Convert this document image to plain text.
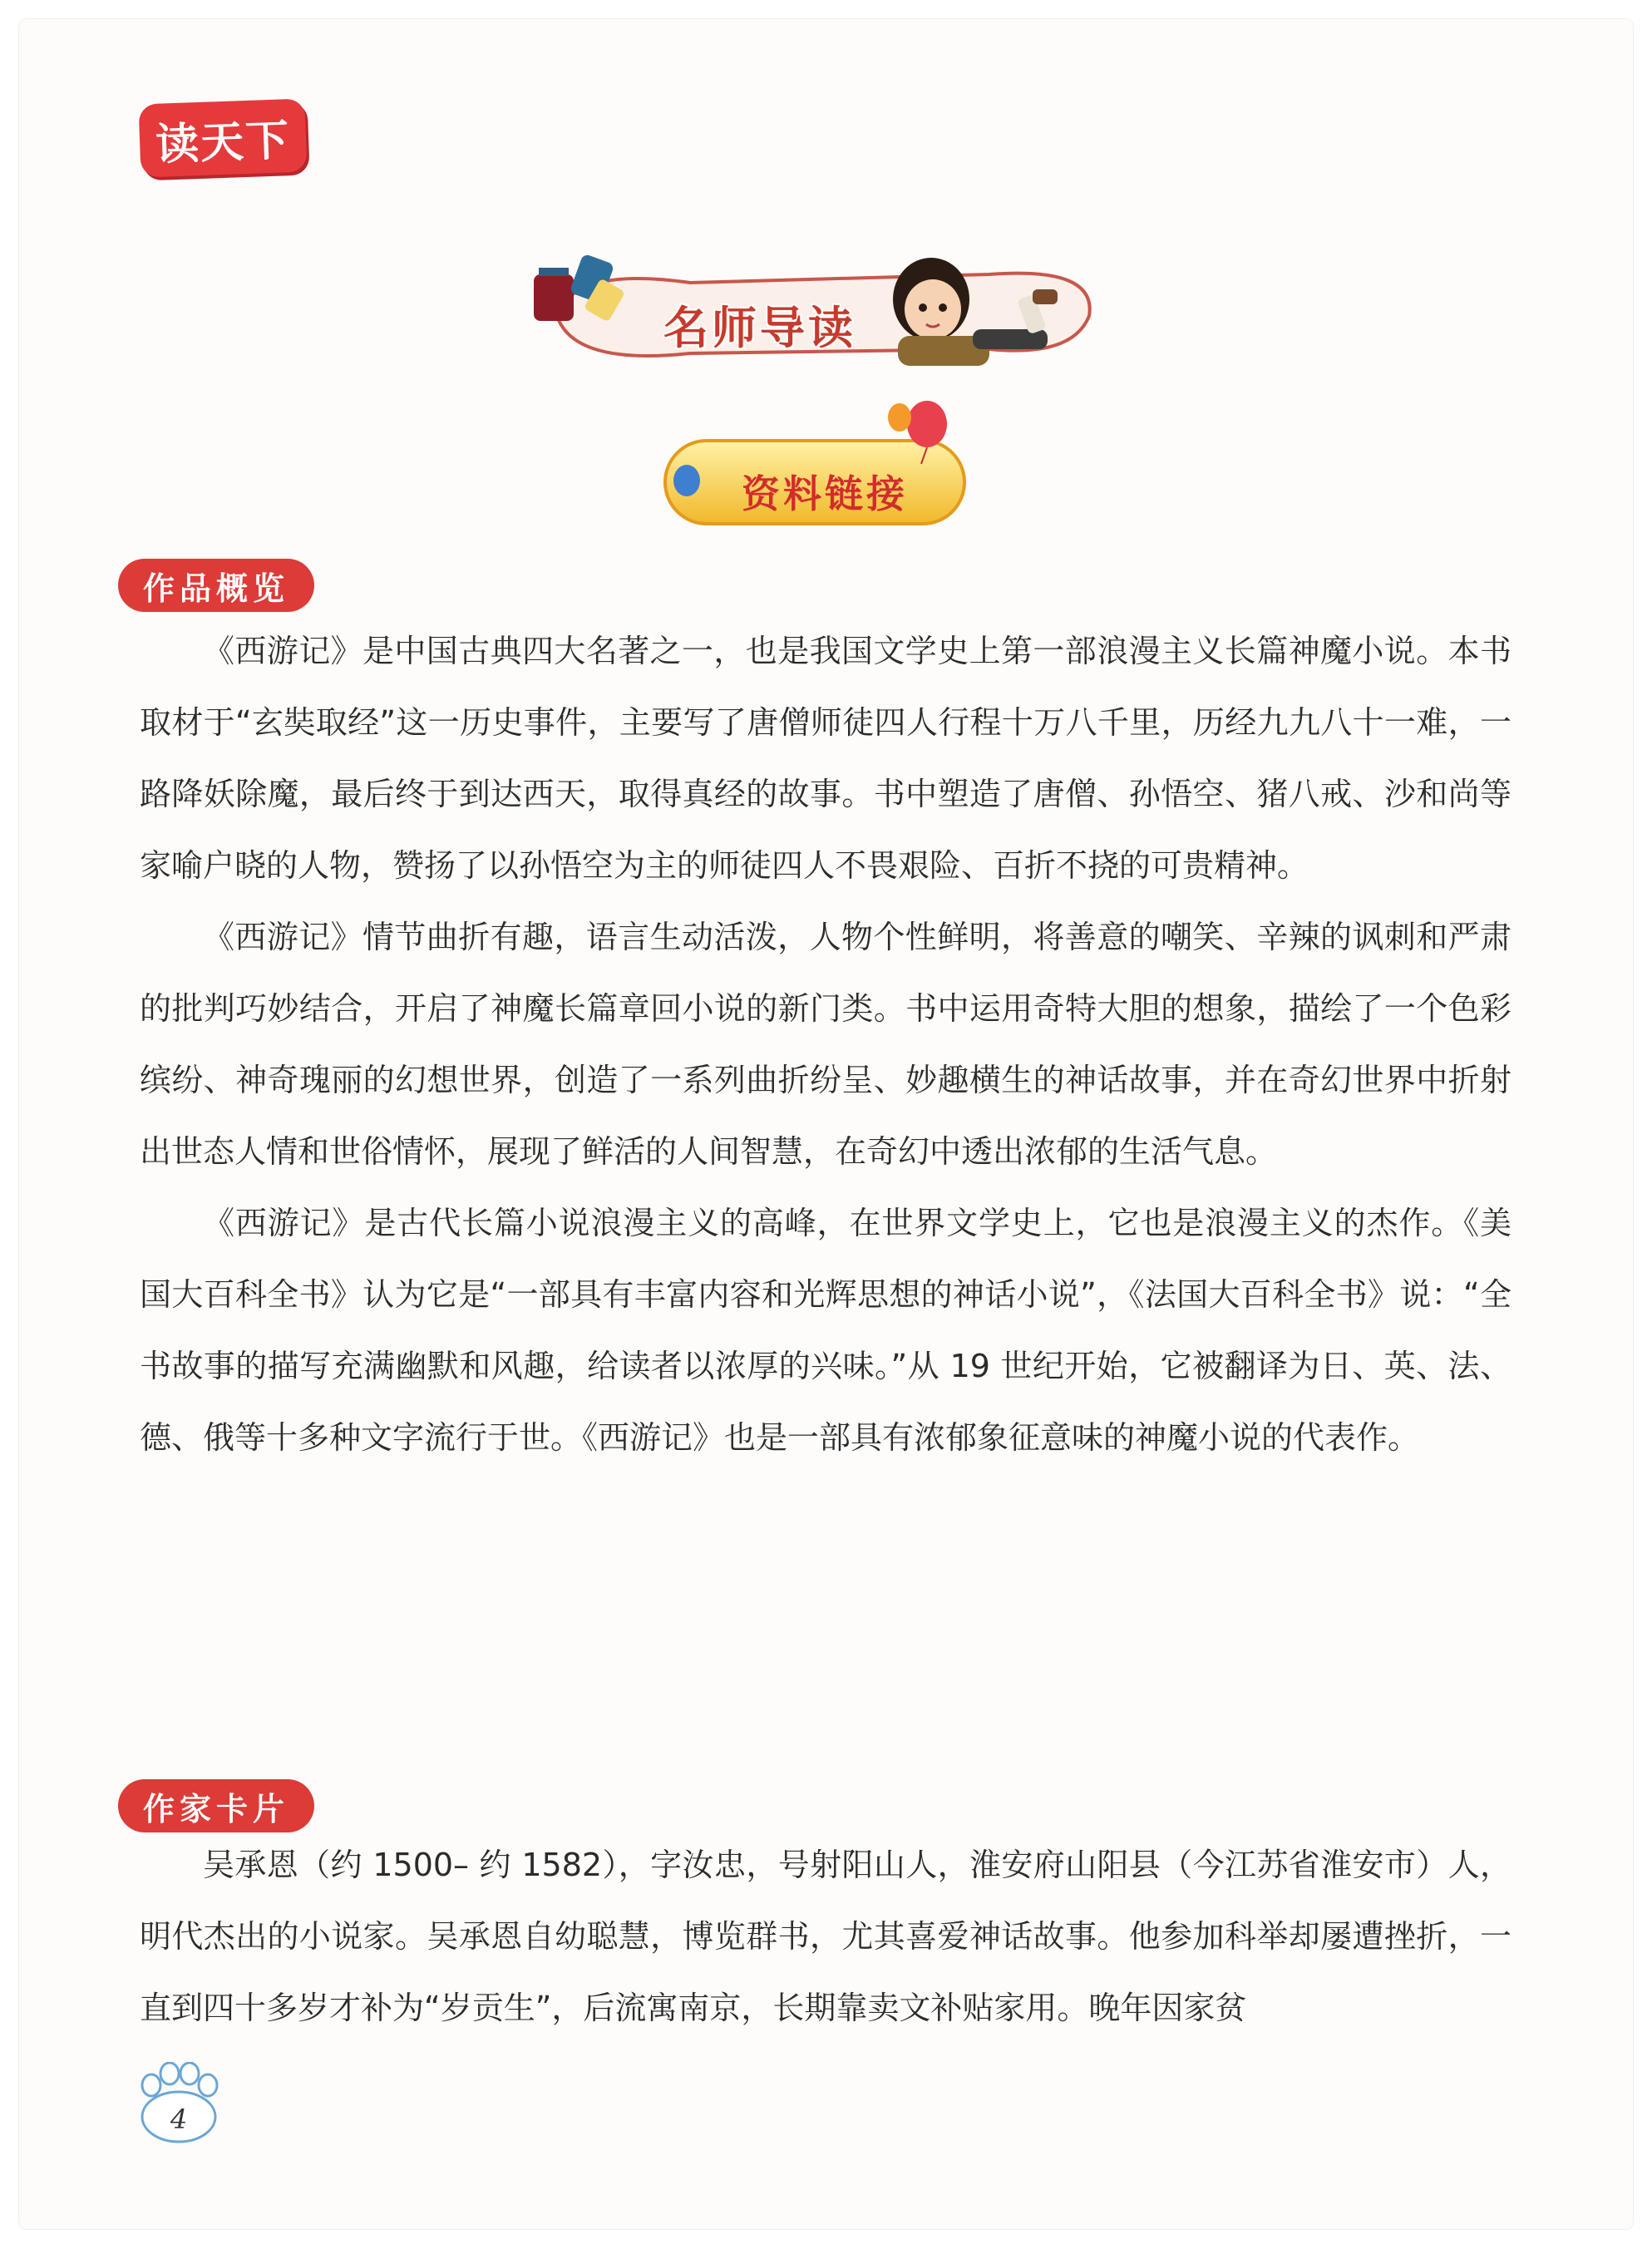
读天下
名师导读
资料链接
作品概览

《西游记》是中国古典四大名著之一，也是我国文学史上第一部浪漫主义长篇神魔小说。本书取材于“玄奘取经”这一历史事件，主要写了唐僧师徒四人行程十万八千里，历经九九八十一难，一路降妖除魔，最后终于到达西天，取得真经的故事。书中塑造了唐僧、孙悟空、猪八戒、沙和尚等家喻户晓的人物，赞扬了以孙悟空为主的师徒四人不畏艰险、百折不挠的可贵精神。

《西游记》情节曲折有趣，语言生动活泼，人物个性鲜明，将善意的嘲笑、辛辣的讽刺和严肃的批判巧妙结合，开启了神魔长篇章回小说的新门类。书中运用奇特大胆的想象，描绘了一个色彩缤纷、神奇瑰丽的幻想世界，创造了一系列曲折纷呈、妙趣横生的神话故事，并在奇幻世界中折射出世态人情和世俗情怀，展现了鲜活的人间智慧，在奇幻中透出浓郁的生活气息。

《西游记》是古代长篇小说浪漫主义的高峰，在世界文学史上，它也是浪漫主义的杰作。《美国大百科全书》认为它是“一部具有丰富内容和光辉思想的神话小说”，《法国大百科全书》说：“全书故事的描写充满幽默和风趣，给读者以浓厚的兴味。”从 19 世纪开始，它被翻译为日、英、法、德、俄等十多种文字流行于世。《西游记》也是一部具有浓郁象征意味的神魔小说的代表作。

作家卡片

吴承恩（约 1500– 约 1582），字汝忠，号射阳山人，淮安府山阳县（今江苏省淮安市）人，明代杰出的小说家。吴承恩自幼聪慧，博览群书，尤其喜爱神话故事。他参加科举却屡遭挫折，一直到四十多岁才补为“岁贡生”，后流寓南京，长期靠卖文补贴家用。晚年因家贫

4
